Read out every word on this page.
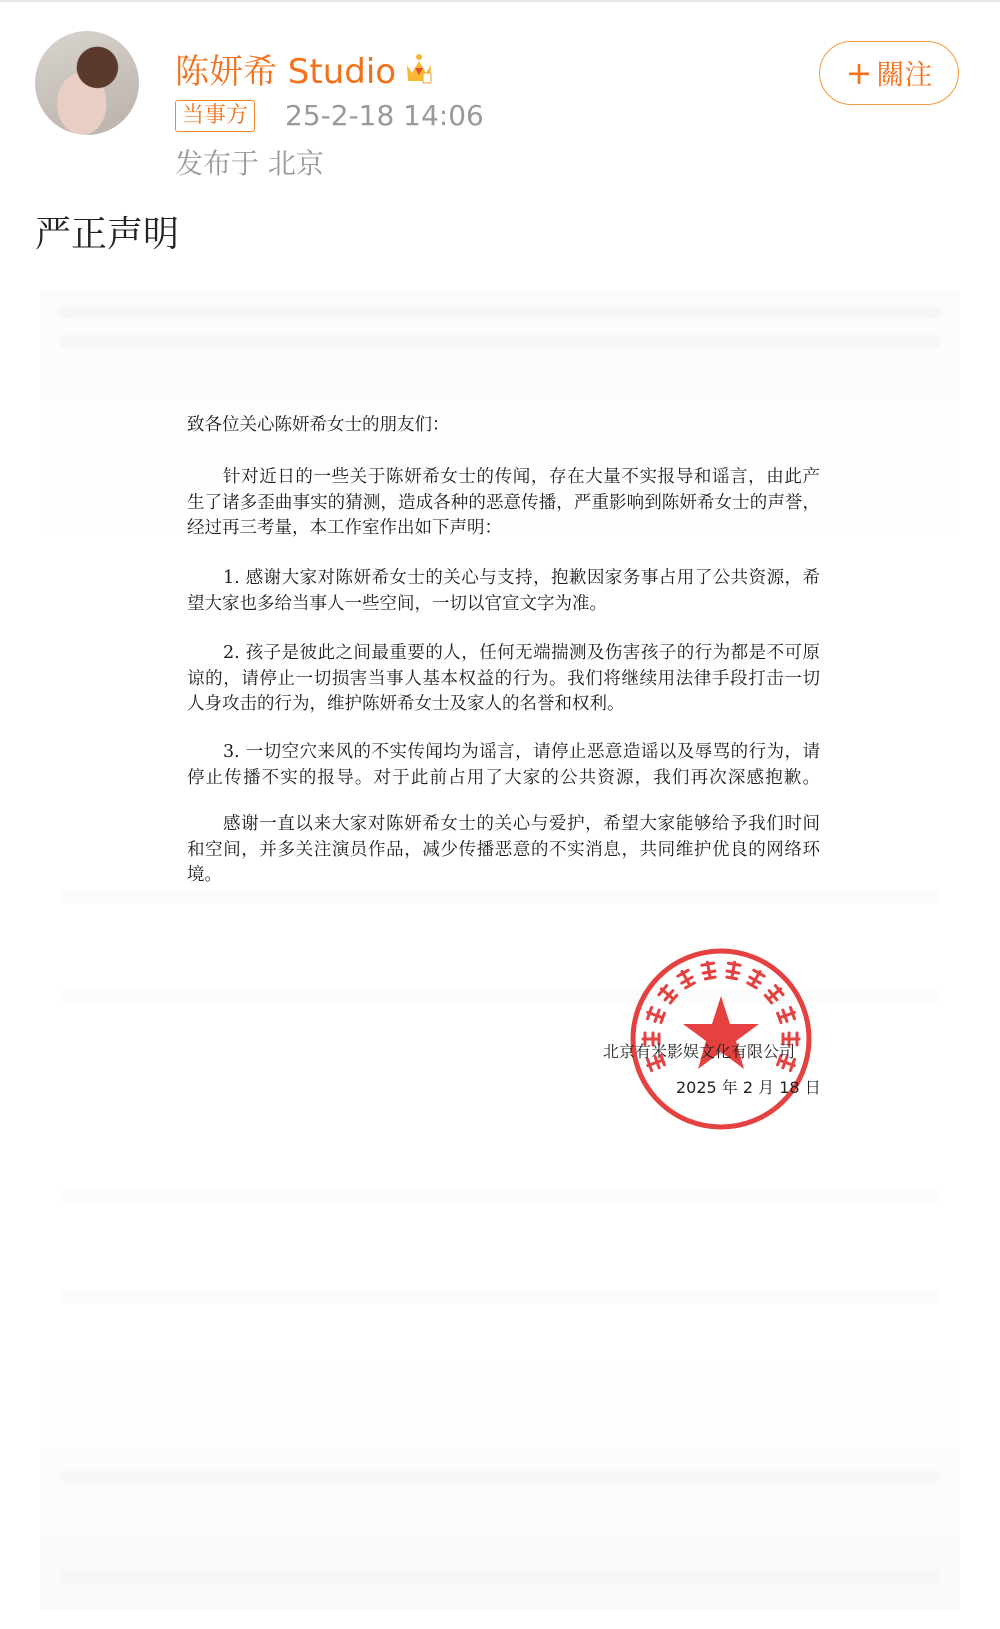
陈妍希 Studio
当事方 25-2-18 14:06
发布于 北京
+ 關注
严正声明
致各位关心陈妍希女士的朋友们：
针对近日的一些关于陈妍希女士的传闻，存在大量不实报导和谣言，由此产
生了诸多歪曲事实的猜测，造成各种的恶意传播，严重影响到陈妍希女士的声誉，
经过再三考量，本工作室作出如下声明：
1. 感谢大家对陈妍希女士的关心与支持，抱歉因家务事占用了公共资源，希
望大家也多给当事人一些空间，一切以官宣文字为准。
2. 孩子是彼此之间最重要的人，任何无端揣测及伤害孩子的行为都是不可原
谅的，请停止一切损害当事人基本权益的行为。我们将继续用法律手段打击一切
人身攻击的行为，维护陈妍希女士及家人的名誉和权利。
3. 一切空穴来风的不实传闻均为谣言，请停止恶意造谣以及辱骂的行为，请
停止传播不实的报导。对于此前占用了大家的公共资源，我们再次深感抱歉。
感谢一直以来大家对陈妍希女士的关心与爱护，希望大家能够给予我们时间
和空间，并多关注演员作品，减少传播恶意的不实消息，共同维护优良的网络环
境。
北京有米影娱文化有限公司
2025 年 2 月 18 日
